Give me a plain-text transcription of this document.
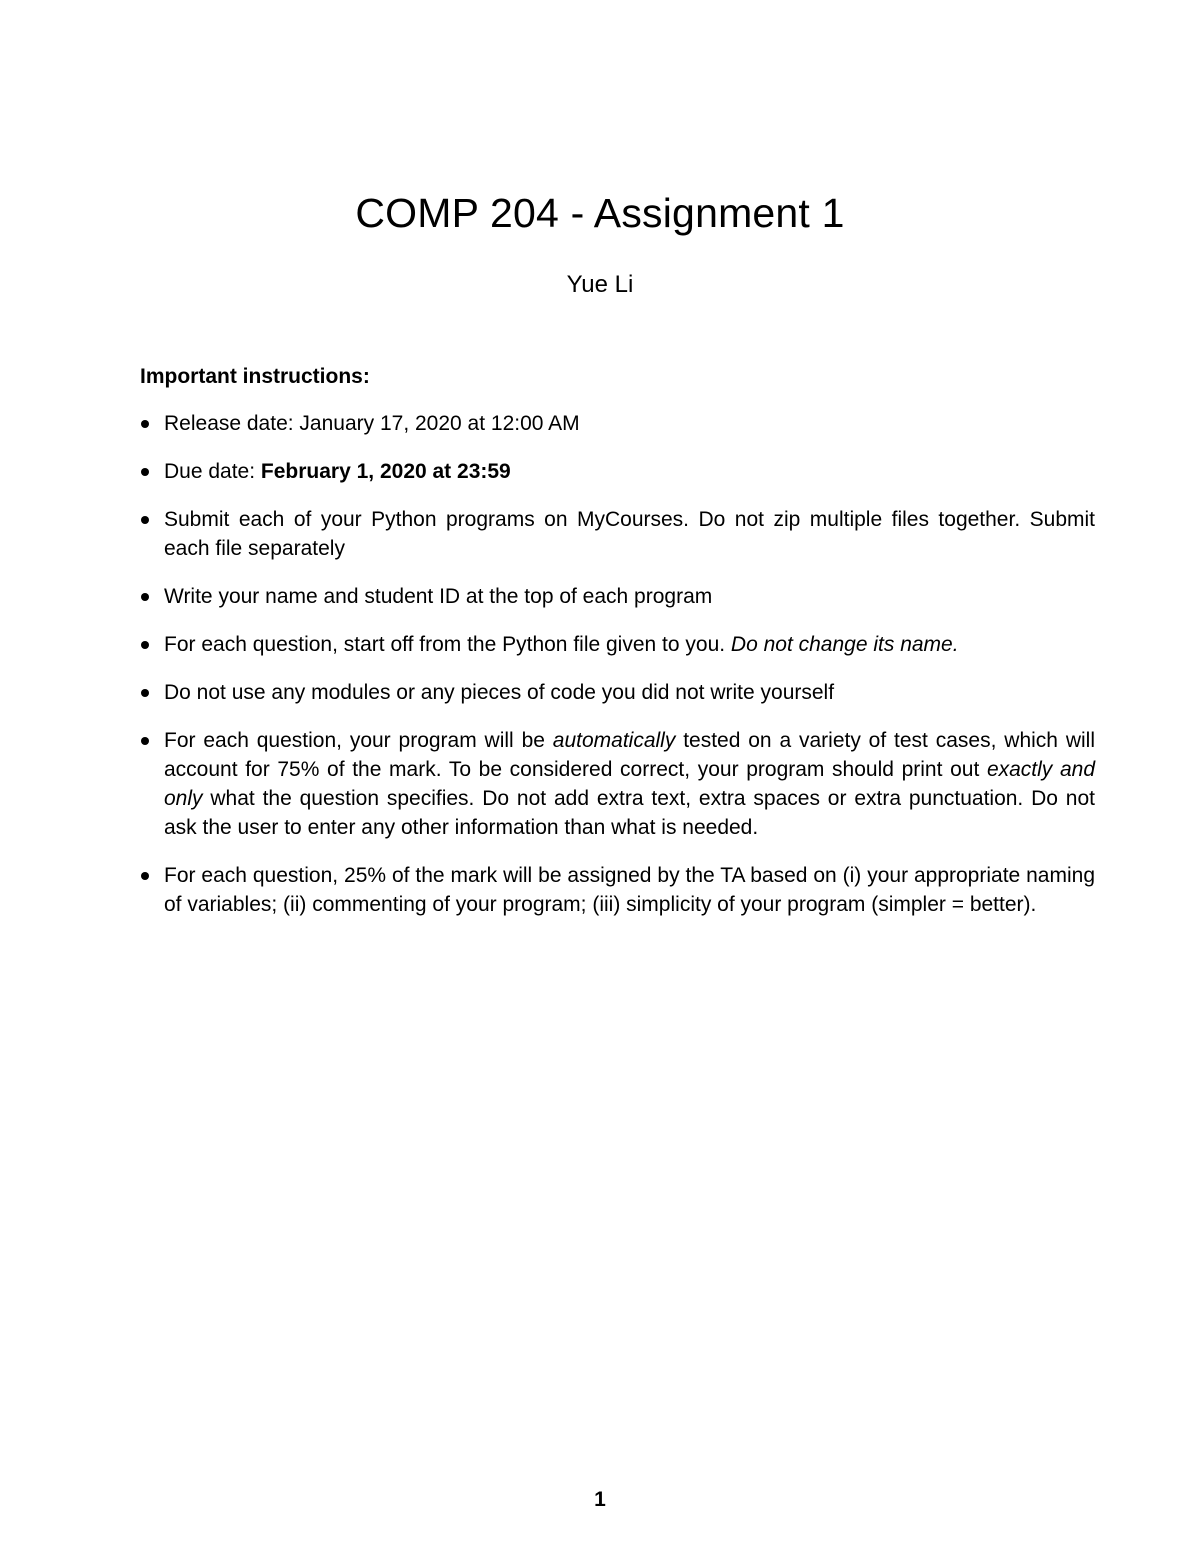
COMP 204 - Assignment 1
Yue Li
Important instructions:
Release date: January 17, 2020 at 12:00 AM
Due date: February 1, 2020 at 23:59
Submit each of your Python programs on MyCourses. Do not zip multiple files together. Submit each file separately
Write your name and student ID at the top of each program
For each question, start off from the Python file given to you. Do not change its name.
Do not use any modules or any pieces of code you did not write yourself
For each question, your program will be automatically tested on a variety of test cases, which will account for 75% of the mark. To be considered correct, your program should print out exactly and only what the question specifies. Do not add extra text, extra spaces or extra punctuation. Do not ask the user to enter any other information than what is needed.
For each question, 25% of the mark will be assigned by the TA based on (i) your appropriate naming of variables; (ii) commenting of your program; (iii) simplicity of your program (simpler = better).
1
